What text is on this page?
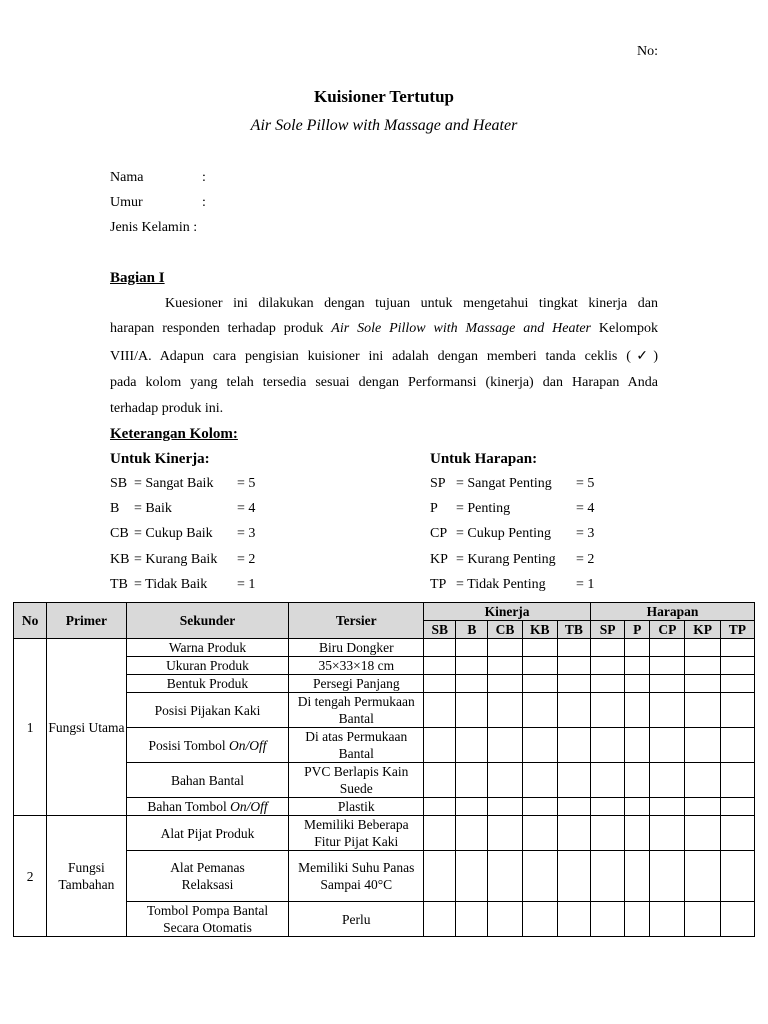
No:
Kuisioner Tertutup
Air Sole Pillow with Massage and Heater
Nama	:
Umur	:
Jenis Kelamin :
Bagian I
Kuesioner ini dilakukan dengan tujuan untuk mengetahui tingkat kinerja dan
harapan responden terhadap produk Air Sole Pillow with Massage and Heater Kelompok
VIII/A. Adapun cara pengisian kuisioner ini adalah dengan memberi tanda ceklis (✓)
pada kolom yang telah tersedia sesuai dengan Performansi (kinerja) dan Harapan Anda
terhadap produk ini.
Keterangan Kolom:
Untuk Kinerja:	Untuk Harapan:
SB = Sangat Baik = 5
B = Baik	= 4
CB = Cukup Baik = 3
KB = Kurang Baik = 2
TB = Tidak Baik = 1
SP = Sangat Penting = 5
P = Penting	= 4
CP = Cukup Penting = 3
KP = Kurang Penting = 2
TP = Tidak Penting = 1
No	Primer	Sekunder	Tersier	Kinerja					Harapan				
				SB	B	CB	KB	TB	SP	P	CP	KP	TP
1	Fungsi Utama	Warna Produk	Biru Dongker										
		Ukuran Produk	35×33×18 cm										
		Bentuk Produk	Persegi Panjang										
		Posisi Pijakan Kaki	Di tengah Permukaan Bantal										
		Posisi Tombol On/Off	Di atas Permukaan Bantal										
		Bahan Bantal	PVC Berlapis Kain Suede										
		Bahan Tombol On/Off	Plastik										
2	Fungsi Tambahan	Alat Pijat Produk	Memiliki Beberapa Fitur Pijat Kaki										
		Alat Pemanas Relaksasi	Memiliki Suhu Panas Sampai 40°C										
		Tombol Pompa Bantal Secara Otomatis	Perlu										
